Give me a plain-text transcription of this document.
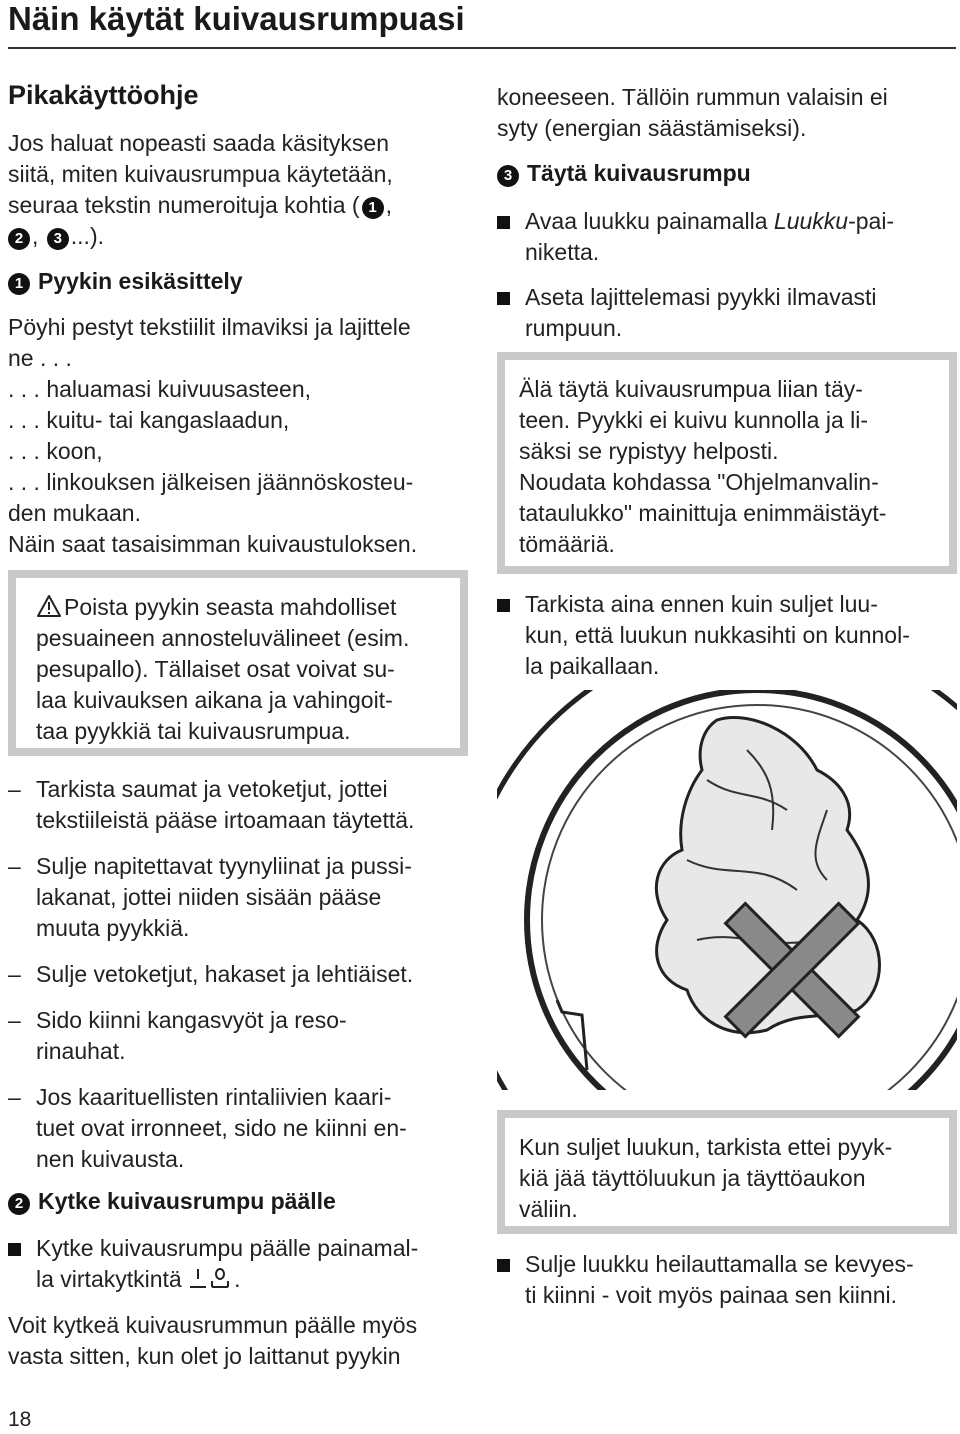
Näin käytät kuivausrumpuasi
Pikakäyttöohje
Jos haluat nopeasti saada käsityksen
siitä, miten kuivausrumpua käytetään,
seuraa tekstin numeroituja kohtia ( 1 ,
2 , 3 ...).
1 Pyykin esikäsittely
Pöyhi pestyt tekstiilit ilmaviksi ja lajittele
ne . . .
. . . haluamasi kuivuusasteen,
. . . kuitu- tai kangaslaadun,
. . . koon,
. . . linkouksen jälkeisen jäännöskosteu-
den mukaan.
Näin saat tasaisimman kuivaustuloksen.
Poista pyykin seasta mahdolliset
pesuaineen annosteluvälineet (esim.
pesupallo). Tällaiset osat voivat su-
laa kuivauksen aikana ja vahingoit-
taa pyykkiä tai kuivausrumpua.
– Tarkista saumat ja vetoketjut, jottei
tekstiileistä pääse irtoamaan täytettä.
– Sulje napitettavat tyynyliinat ja pussi-
lakanat, jottei niiden sisään pääse
muuta pyykkiä.
– Sulje vetoketjut, hakaset ja lehtiäiset.
– Sido kiinni kangasvyöt ja reso-
rinauhat.
– Jos kaarituellisten rintaliivien kaari-
tuet ovat irronneet, sido ne kiinni en-
nen kuivausta.
2 Kytke kuivausrumpu päälle
Kytke kuivausrumpu päälle painamal-
la virtakytkintä .
Voit kytkeä kuivausrummun päälle myös
vasta sitten, kun olet jo laittanut pyykin
koneeseen. Tällöin rummun valaisin ei
syty (energian säästämiseksi).
3 Täytä kuivausrumpu
Avaa luukku painamalla Luukku-pai-
niketta.
Aseta lajittelemasi pyykki ilmavasti
rumpuun.
Älä täytä kuivausrumpua liian täy-
teen. Pyykki ei kuivu kunnolla ja li-
säksi se rypistyy helposti.
Noudata kohdassa "Ohjelmanvalin-
tataulukko" mainittuja enimmäistäyt-
tömääriä.
Tarkista aina ennen kuin suljet luu-
kun, että luukun nukkasihti on kunnol-
la paikallaan.
Kun suljet luukun, tarkista ettei pyyk-
kiä jää täyttöluukun ja täyttöaukon
väliin.
Sulje luukku heilauttamalla se kevyes-
ti kiinni - voit myös painaa sen kiinni.
18
